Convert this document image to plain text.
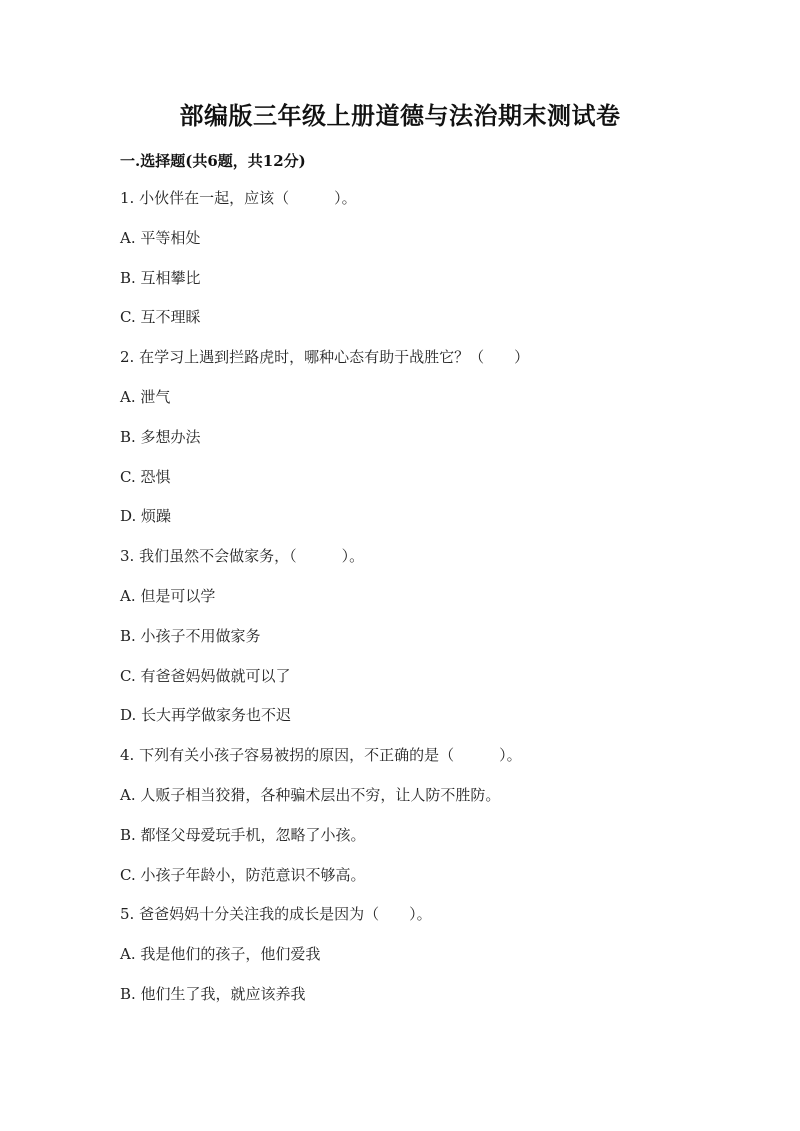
部编版三年级上册道德与法治期末测试卷
一.选择题(共6题，共12分)
1. 小伙伴在一起，应该（　　　）。
A. 平等相处
B. 互相攀比
C. 互不理睬
2. 在学习上遇到拦路虎时，哪种心态有助于战胜它？（　　）
A. 泄气
B. 多想办法
C. 恐惧
D. 烦躁
3. 我们虽然不会做家务，（　　　）。
A. 但是可以学
B. 小孩子不用做家务
C. 有爸爸妈妈做就可以了
D. 长大再学做家务也不迟
4. 下列有关小孩子容易被拐的原因，不正确的是（　　　）。
A. 人贩子相当狡猾，各种骗术层出不穷，让人防不胜防。
B. 都怪父母爱玩手机，忽略了小孩。
C. 小孩子年龄小，防范意识不够高。
5. 爸爸妈妈十分关注我的成长是因为（　　）。
A. 我是他们的孩子，他们爱我
B. 他们生了我，就应该养我
